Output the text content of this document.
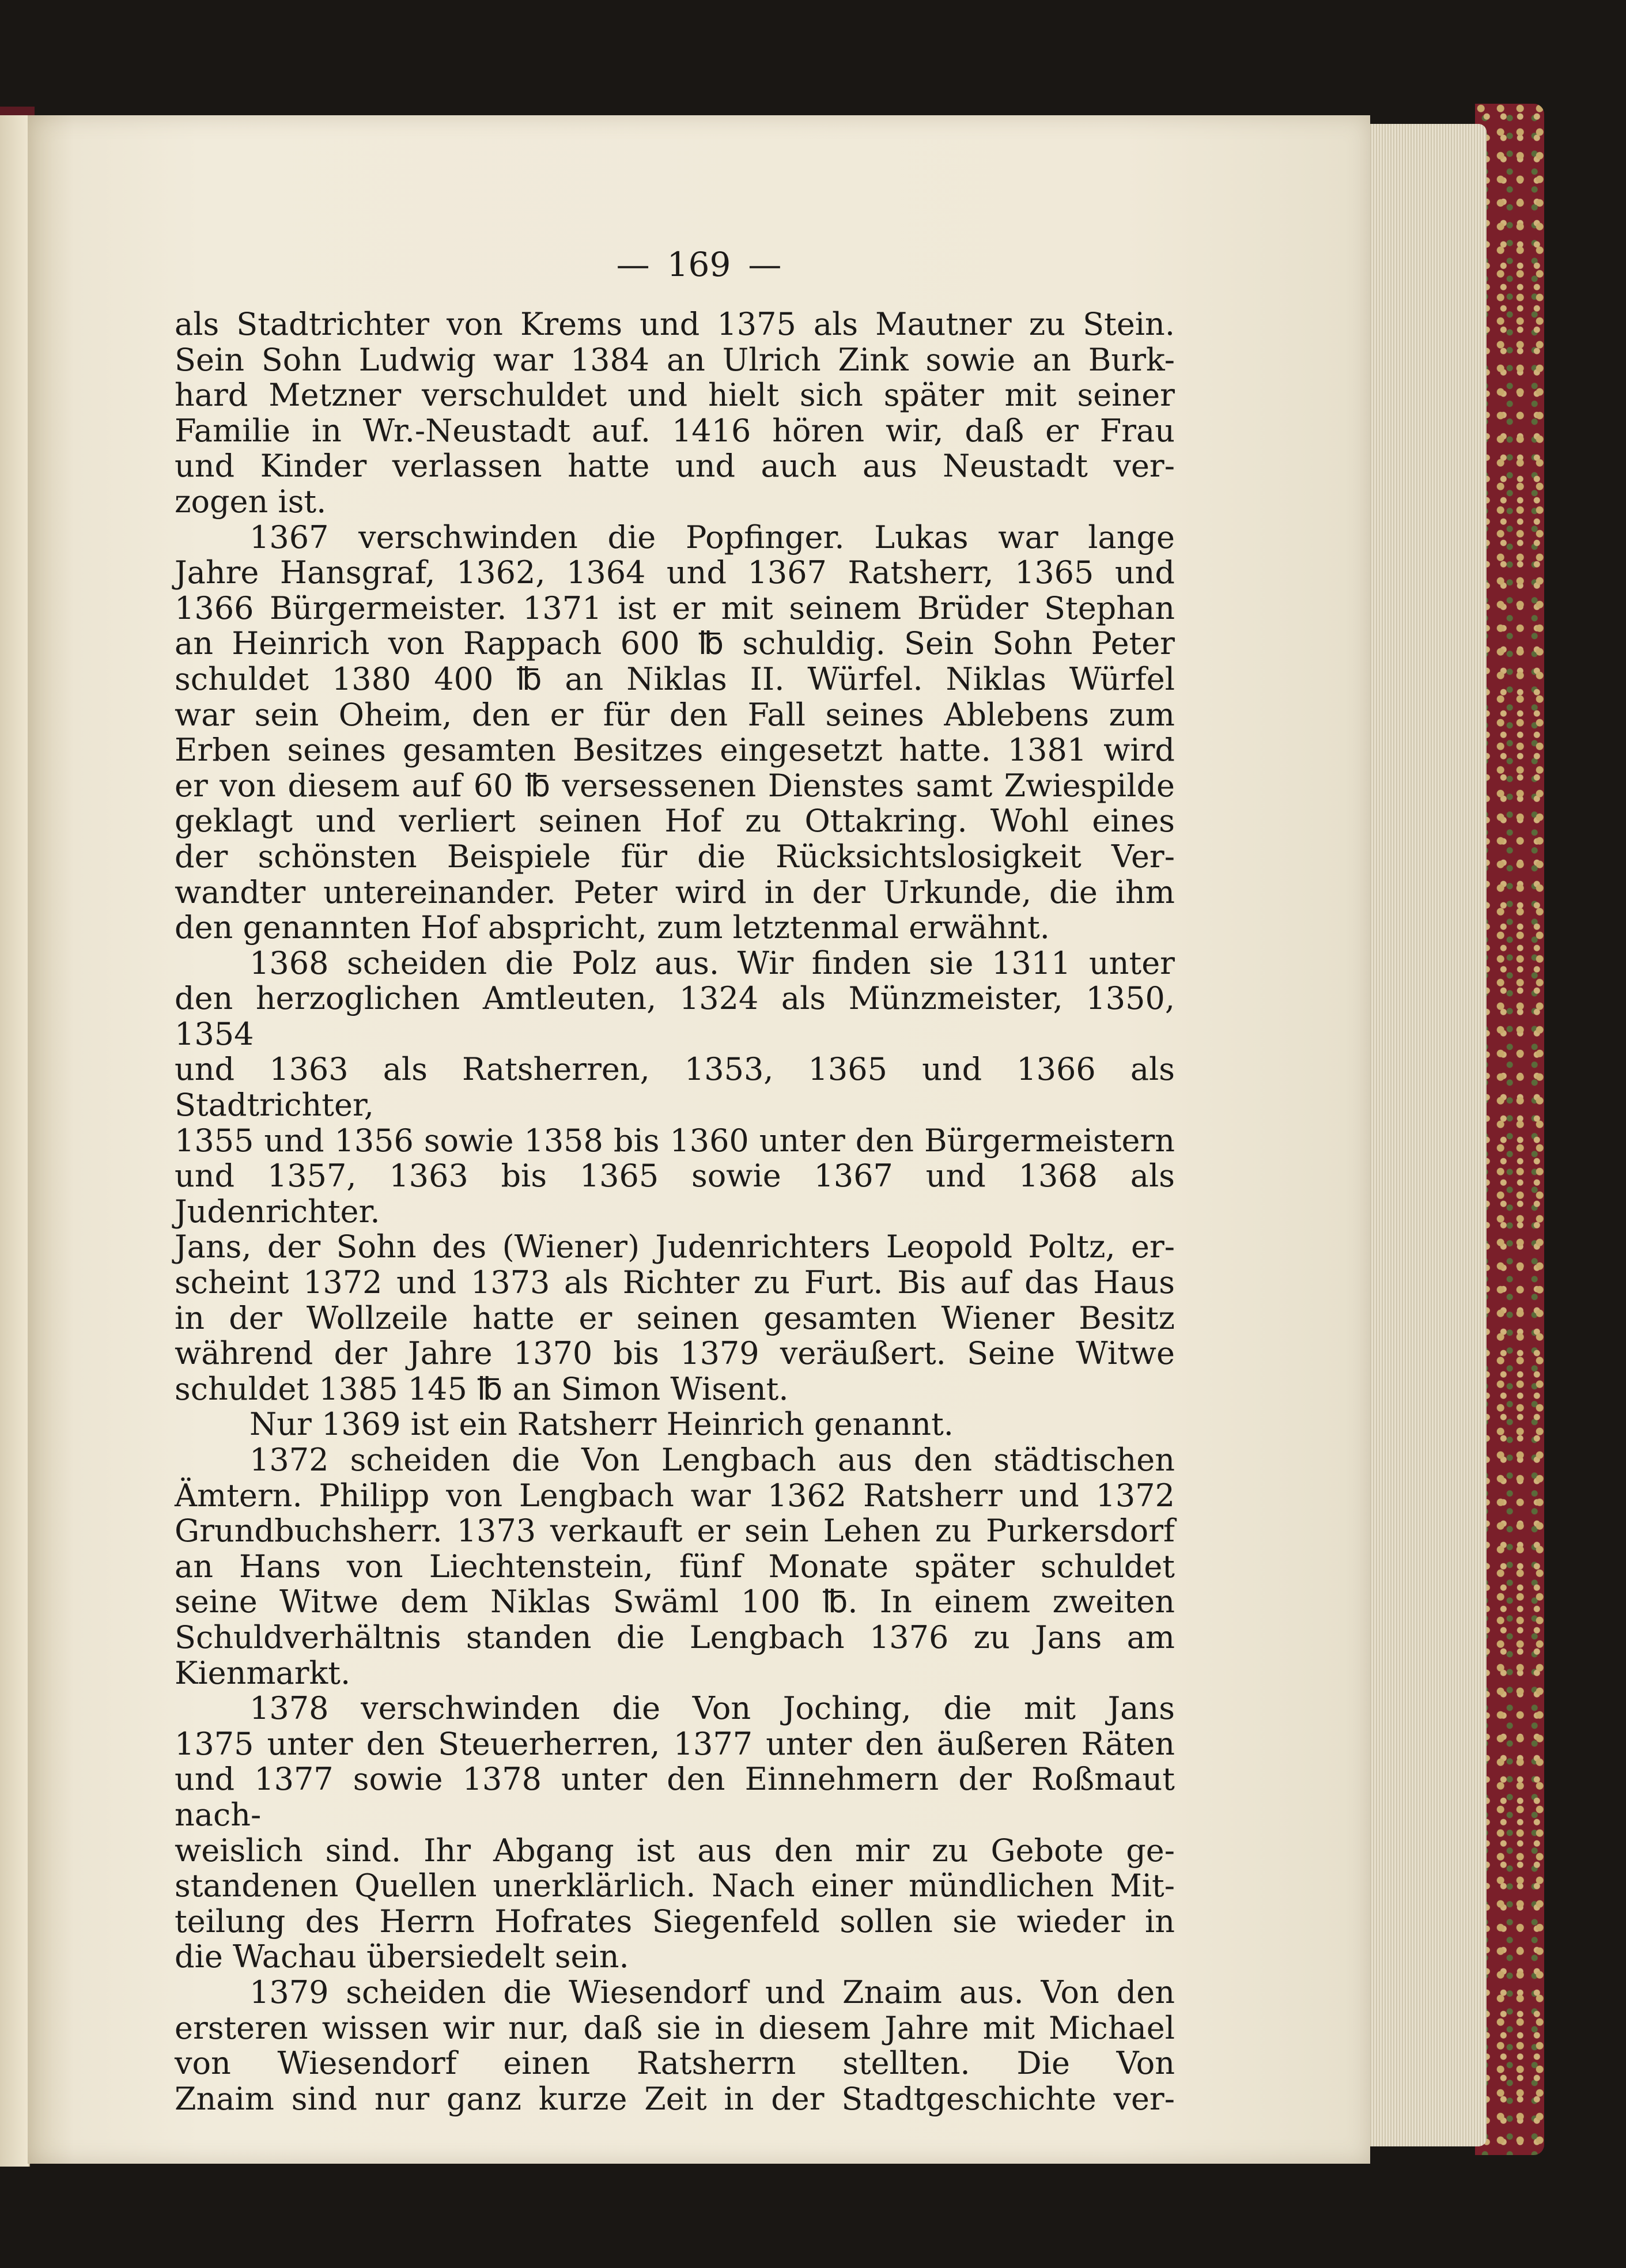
— 169 —

als Stadtrichter von Krems und 1375 als Mautner zu Stein.

Sein Sohn Ludwig war 1384 an Ulrich Zink sowie an Burk-

hard Metzner verschuldet und hielt sich später mit seiner

Familie in Wr.-Neustadt auf. 1416 hören wir, daß er Frau

und Kinder verlassen hatte und auch aus Neustadt ver-

zogen ist.

1367 verschwinden die Popfinger. Lukas war lange

Jahre Hansgraf, 1362, 1364 und 1367 Ratsherr, 1365 und

1366 Bürgermeister. 1371 ist er mit seinem Brüder Stephan

an Heinrich von Rappach 600 ℔ schuldig. Sein Sohn Peter

schuldet 1380 400 ℔ an Niklas II. Würfel. Niklas Würfel

war sein Oheim, den er für den Fall seines Ablebens zum

Erben seines gesamten Besitzes eingesetzt hatte. 1381 wird

er von diesem auf 60 ℔ versessenen Dienstes samt Zwiespilde

geklagt und verliert seinen Hof zu Ottakring. Wohl eines

der schönsten Beispiele für die Rücksichtslosigkeit Ver-

wandter untereinander. Peter wird in der Urkunde, die ihm

den genannten Hof abspricht, zum letztenmal erwähnt.

1368 scheiden die Polz aus. Wir finden sie 1311 unter

den herzoglichen Amtleuten, 1324 als Münzmeister, 1350, 1354

und 1363 als Ratsherren, 1353, 1365 und 1366 als Stadtrichter,

1355 und 1356 sowie 1358 bis 1360 unter den Bürgermeistern

und 1357, 1363 bis 1365 sowie 1367 und 1368 als Judenrichter.

Jans, der Sohn des (Wiener) Judenrichters Leopold Poltz, er-

scheint 1372 und 1373 als Richter zu Furt. Bis auf das Haus

in der Wollzeile hatte er seinen gesamten Wiener Besitz

während der Jahre 1370 bis 1379 veräußert. Seine Witwe

schuldet 1385 145 ℔ an Simon Wisent.

Nur 1369 ist ein Ratsherr Heinrich genannt.

1372 scheiden die Von Lengbach aus den städtischen

Ämtern. Philipp von Lengbach war 1362 Ratsherr und 1372

Grundbuchsherr. 1373 verkauft er sein Lehen zu Purkersdorf

an Hans von Liechtenstein, fünf Monate später schuldet

seine Witwe dem Niklas Swäml 100 ℔. In einem zweiten

Schuldverhältnis standen die Lengbach 1376 zu Jans am

Kienmarkt.

1378 verschwinden die Von Joching, die mit Jans

1375 unter den Steuerherren, 1377 unter den äußeren Räten

und 1377 sowie 1378 unter den Einnehmern der Roßmaut nach-

weislich sind. Ihr Abgang ist aus den mir zu Gebote ge-

standenen Quellen unerklärlich. Nach einer mündlichen Mit-

teilung des Herrn Hofrates Siegenfeld sollen sie wieder in

die Wachau übersiedelt sein.

1379 scheiden die Wiesendorf und Znaim aus. Von den

ersteren wissen wir nur, daß sie in diesem Jahre mit Michael

von Wiesendorf einen Ratsherrn stellten. Die Von

Znaim sind nur ganz kurze Zeit in der Stadtgeschichte ver-
